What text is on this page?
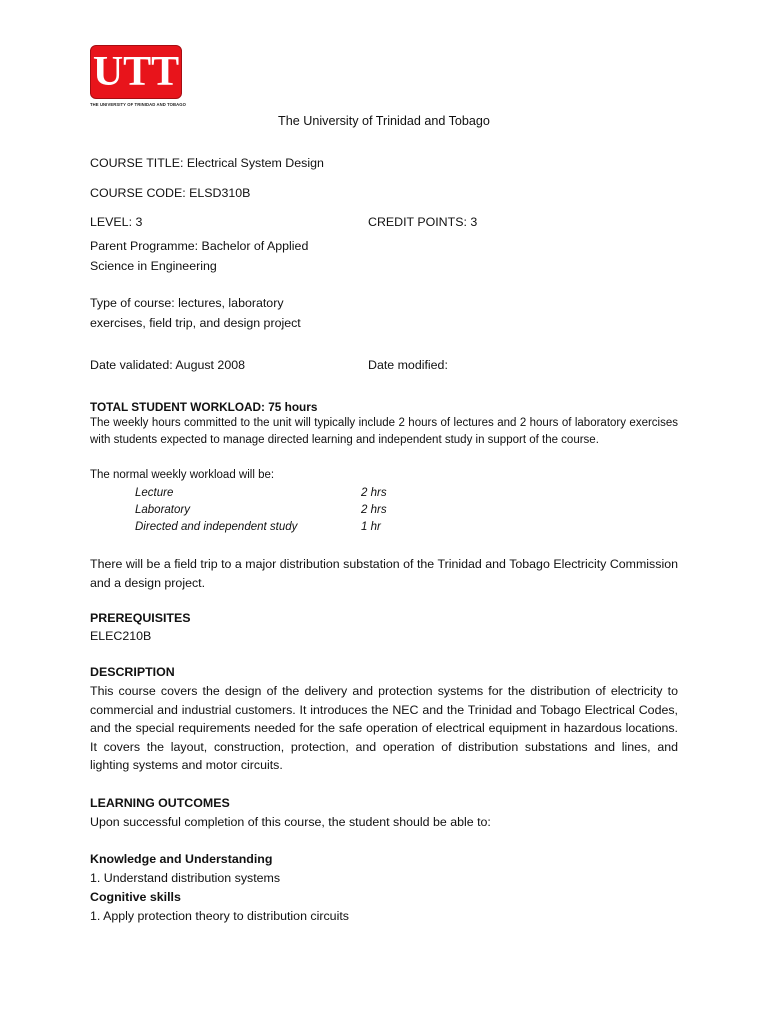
UTT
THE UNIVERSITY OF TRINIDAD AND TOBAGO
The University of Trinidad and Tobago
COURSE TITLE: Electrical System Design
COURSE CODE: ELSD310B
LEVEL: 3	CREDIT POINTS: 3
Parent Programme: Bachelor of Applied
Science in Engineering
Type of course: lectures, laboratory
exercises, field trip, and design project
Date validated: August 2008	Date modified:
TOTAL STUDENT WORKLOAD: 75 hours
The weekly hours committed to the unit will typically include 2 hours of lectures and 2 hours of laboratory exercises with students expected to manage directed learning and independent study in support of the course.
The normal weekly workload will be:
Lecture	2 hrs
Laboratory	2 hrs
Directed and independent study	1 hr
There will be a field trip to a major distribution substation of the Trinidad and Tobago Electricity Commission and a design project.
PREREQUISITES
ELEC210B
DESCRIPTION
This course covers the design of the delivery and protection systems for the distribution of electricity to commercial and industrial customers. It introduces the NEC and the Trinidad and Tobago Electrical Codes, and the special requirements needed for the safe operation of electrical equipment in hazardous locations. It covers the layout, construction, protection, and operation of distribution substations and lines, and lighting systems and motor circuits.
LEARNING OUTCOMES
Upon successful completion of this course, the student should be able to:
Knowledge and Understanding
1. Understand distribution systems
Cognitive skills
1. Apply protection theory to distribution circuits
